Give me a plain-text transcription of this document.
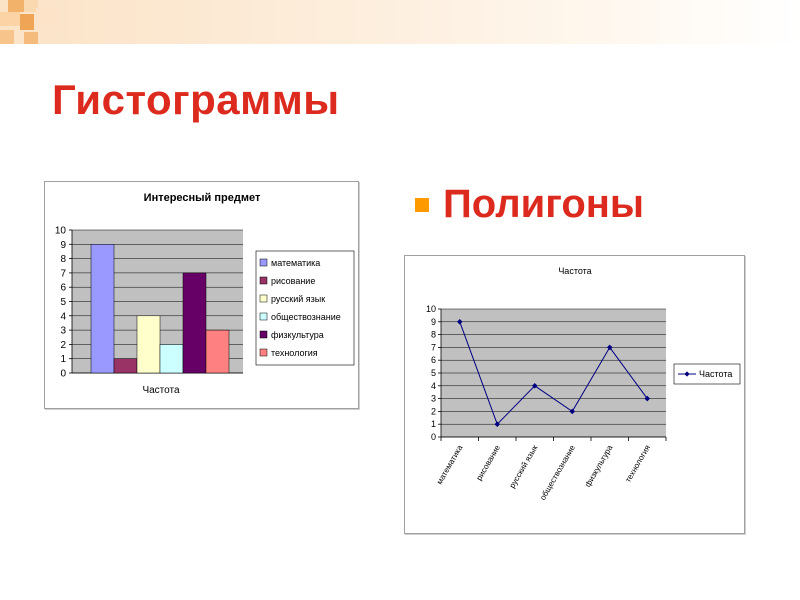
Гистограммы
Полигоны
Интересный предмет
Частота
0
1
2
3
4
5
6
7
8
9
10
математика
рисование
русский язык
обществознание
физкультура
технология
Частота
0
1
2
3
4
5
6
7
8
9
10
математика рисование русский язык
обществознание физкультура технология
Частота
